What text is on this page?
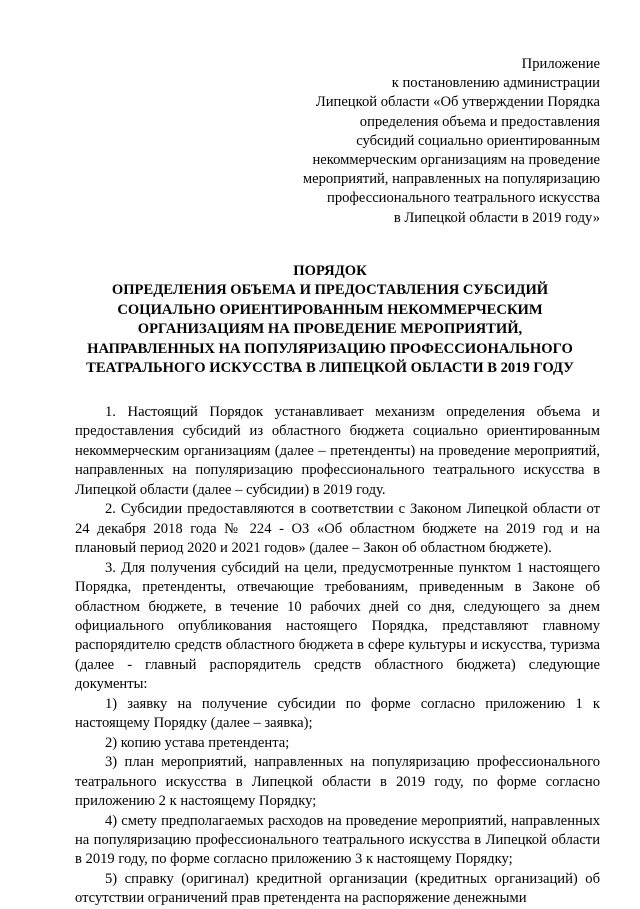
Приложение
к постановлению администрации
Липецкой области «Об утверждении Порядка
определения объема и предоставления
субсидий социально ориентированным
некоммерческим организациям на проведение
мероприятий, направленных на популяризацию
профессионального театрального искусства
в Липецкой области в 2019 году»
ПОРЯДОК
ОПРЕДЕЛЕНИЯ ОБЪЕМА И ПРЕДОСТАВЛЕНИЯ СУБСИДИЙ
СОЦИАЛЬНО ОРИЕНТИРОВАННЫМ НЕКОММЕРЧЕСКИМ
ОРГАНИЗАЦИЯМ НА ПРОВЕДЕНИЕ МЕРОПРИЯТИЙ,
НАПРАВЛЕННЫХ НА ПОПУЛЯРИЗАЦИЮ ПРОФЕССИОНАЛЬНОГО
ТЕАТРАЛЬНОГО ИСКУССТВА В ЛИПЕЦКОЙ ОБЛАСТИ В 2019 ГОДУ

1. Настоящий Порядок устанавливает механизм определения объема и предоставления субсидий из областного бюджета социально ориентированным некоммерческим организациям (далее – претенденты) на проведение мероприятий, направленных на популяризацию профессионального театрального искусства в Липецкой области (далее – субсидии) в 2019 году.

2. Субсидии предоставляются в соответствии с Законом Липецкой области от 24 декабря 2018 года № 224 - ОЗ «Об областном бюджете на 2019 год и на плановый период 2020 и 2021 годов» (далее – Закон об областном бюджете).

3. Для получения субсидий на цели, предусмотренные пунктом 1 настоящего Порядка, претенденты, отвечающие требованиям, приведенным в Законе об областном бюджете, в течение 10 рабочих дней со дня, следующего за днем официального опубликования настоящего Порядка, представляют главному распорядителю средств областного бюджета в сфере культуры и искусства, туризма (далее - главный распорядитель средств областного бюджета) следующие документы:

1) заявку на получение субсидии по форме согласно приложению 1 к настоящему Порядку (далее – заявка);

2) копию устава претендента;

3) план мероприятий, направленных на популяризацию профессионального театрального искусства в Липецкой области в 2019 году, по форме согласно приложению 2 к настоящему Порядку;

4) смету предполагаемых расходов на проведение мероприятий, направленных на популяризацию профессионального театрального искусства в Липецкой области в 2019 году, по форме согласно приложению 3 к настоящему Порядку;

5) справку (оригинал) кредитной организации (кредитных организаций) об отсутствии ограничений прав претендента на распоряжение денежными
